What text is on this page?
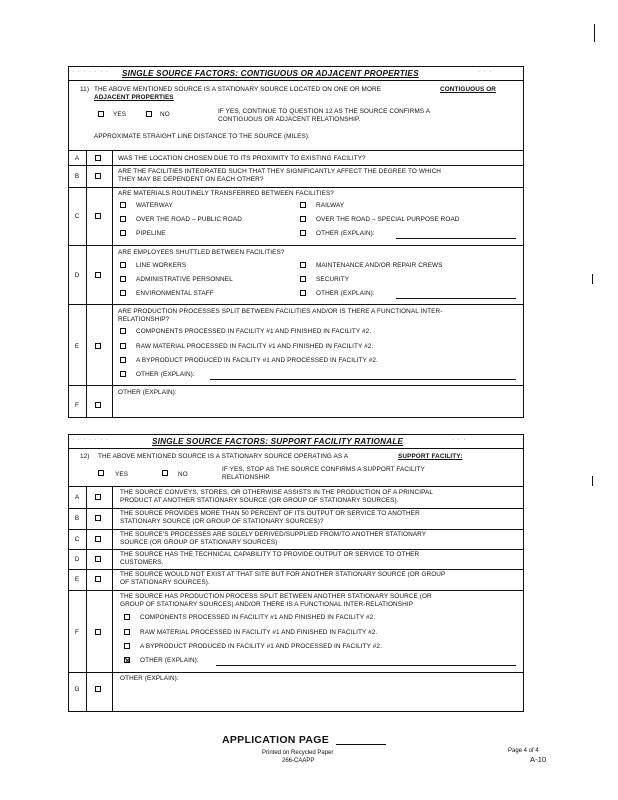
· · · · · · · SINGLE SOURCE FACTORS: CONTIGUOUS OR ADJACENT PROPERTIES	· · ·
11) THE ABOVE MENTIONED SOURCE IS A STATIONARY SOURCE LOCATED ON ONE OR MORE	CONTIGUOUS OR
ADJACENT PROPERTIES
YES	NO	IF YES, CONTINUE TO QUESTION 12 AS THE SOURCE CONFIRMS A
CONTIGUOUS OR ADJACENT RELATIONSHIP.
APPROXIMATE STRAIGHT LINE DISTANCE TO THE SOURCE (MILES):
A	WAS THE LOCATION CHOSEN DUE TO ITS PROXIMITY TO EXISTING FACILITY?
B
ARE THE FACILITIES INTEGRATED SUCH THAT THEY SIGNIFICANTLY AFFECT THE DEGREE TO WHICH
THEY MAY BE DEPENDENT ON EACH OTHER?
C
ARE MATERIALS ROUTINELY TRANSFERRED BETWEEN FACILITIES?
WATERWAY	RAILWAY
OVER THE ROAD – PUBLIC ROAD	OVER THE ROAD – SPECIAL PURPOSE ROAD
PIPELINE	OTHER (EXPLAIN):
D
ARE EMPLOYEES SHUTTLED BETWEEN FACILITIES?
LINE WORKERS	MAINTENANCE AND/OR REPAIR CREWS
ADMINISTRATIVE PERSONNEL	SECURITY
ENVIRONMENTAL STAFF	OTHER (EXPLAIN):
E
ARE PRODUCTION PROCESSES SPLIT BETWEEN FACILITIES AND/OR IS THERE A FUNCTIONAL INTER-
RELATIONSHIP?
COMPONENTS PROCESSED IN FACILITY #1 AND FINISHED IN FACILITY #2.
RAW MATERIAL PROCESSED IN FACILITY #1 AND FINISHED IN FACILITY #2.
A BYPRODUCT PRODUCED IN FACILITY #1 AND PROCESSED IN FACILITY #2.
OTHER (EXPLAIN):
F
OTHER (EXPLAIN):
· · · · · · ·	SINGLE SOURCE FACTORS: SUPPORT FACILITY RATIONALE	· · ·
12) THE ABOVE MENTIONED SOURCE IS A STATIONARY SOURCE OPERATING AS A	SUPPORT FACILITY:
YES	NO
IF YES, STOP AS THE SOURCE CONFIRMS A SUPPORT FACILITY
RELATIONSHIP.
A
THE SOURCE CONVEYS, STORES, OR OTHERWISE ASSISTS IN THE PRODUCTION OF A PRINCIPAL
PRODUCT AT ANOTHER STATIONARY SOURCE (OR GROUP OF STATIONARY SOURCES).
B
THE SOURCE PROVIDES MORE THAN 50 PERCENT OF ITS OUTPUT OR SERVICE TO ANOTHER
STATIONARY SOURCE (OR GROUP OF STATIONARY SOURCES)?
C
THE SOURCE'S PROCESSES ARE SOLELY DERIVED/SUPPLIED FROM/TO ANOTHER STATIONARY
SOURCE (OR GROUP OF STATIONARY SOURCES)
D
THE SOURCE HAS THE TECHNICAL CAPABILITY TO PROVIDE OUTPUT OR SERVICE TO OTHER
CUSTOMERS.
E
THE SOURCE WOULD NOT EXIST AT THAT SITE BUT FOR ANOTHER STATIONARY SOURCE (OR GROUP
OF STATIONARY SOURCES).
F
THE SOURCE HAS PRODUCTION PROCESS SPLIT BETWEEN ANOTHER STATIONARY SOURCE (OR
GROUP OF STATIONARY SOURCES) AND/OR THERE IS A FUNCTIONAL INTER-RELATIONSHIP
COMPONENTS PROCESSED IN FACILITY #1 AND FINISHED IN FACILITY #2.
RAW MATERIAL PROCESSED IN FACILITY #1 AND FINISHED IN FACILITY #2.
A BYPRODUCT PRODUCED IN FACILITY #1 AND PROCESSED IN FACILITY #2.
OTHER (EXPLAIN):
G
OTHER (EXPLAIN):
APPLICATION PAGE
Printed on Recycled Paper
266-CAAPP
Page 4 of 4
A-10
